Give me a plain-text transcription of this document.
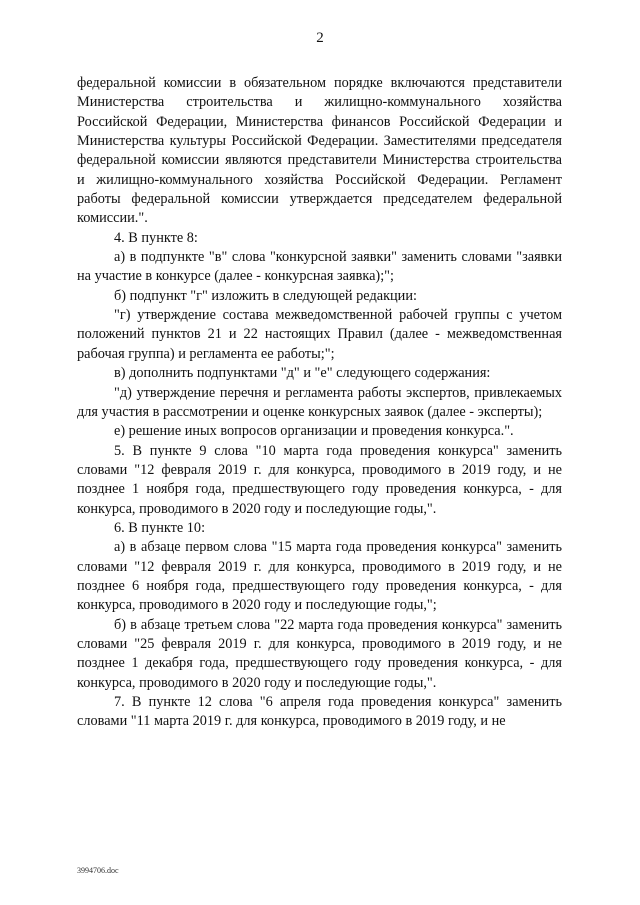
2

федеральной комиссии в обязательном порядке включаются представители Министерства строительства и жилищно-коммунального хозяйства Российской Федерации, Министерства финансов Российской Федерации и Министерства культуры Российской Федерации. Заместителями председателя федеральной комиссии являются представители Министерства строительства и жилищно-коммунального хозяйства Российской Федерации. Регламент работы федеральной комиссии утверждается председателем федеральной комиссии.".

4. В пункте 8:

а) в подпункте "в" слова "конкурсной заявки" заменить словами "заявки на участие в конкурсе (далее - конкурсная заявка);";

б) подпункт "г" изложить в следующей редакции:

"г) утверждение состава межведомственной рабочей группы с учетом положений пунктов 21 и 22 настоящих Правил (далее - межведомственная рабочая группа) и регламента ее работы;";

в) дополнить подпунктами "д" и "е" следующего содержания:

"д) утверждение перечня и регламента работы экспертов, привлекаемых для участия в рассмотрении и оценке конкурсных заявок (далее - эксперты);

е) решение иных вопросов организации и проведения конкурса.".

5. В пункте 9 слова "10 марта года проведения конкурса" заменить словами "12 февраля 2019 г. для конкурса, проводимого в 2019 году, и не позднее 1 ноября года, предшествующего году проведения конкурса, - для конкурса, проводимого в 2020 году и последующие годы,".

6. В пункте 10:

а) в абзаце первом слова "15 марта года проведения конкурса" заменить словами "12 февраля 2019 г. для конкурса, проводимого в 2019 году, и не позднее 6 ноября года, предшествующего году проведения конкурса, - для конкурса, проводимого в 2020 году и последующие годы,";

б) в абзаце третьем слова "22 марта года проведения конкурса" заменить словами "25 февраля 2019 г. для конкурса, проводимого в 2019 году, и не позднее 1 декабря года, предшествующего году проведения конкурса, - для конкурса, проводимого в 2020 году и последующие годы,".

7. В пункте 12 слова "6 апреля года проведения конкурса" заменить словами "11 марта 2019 г. для конкурса, проводимого в 2019 году, и не

3994706.doc
